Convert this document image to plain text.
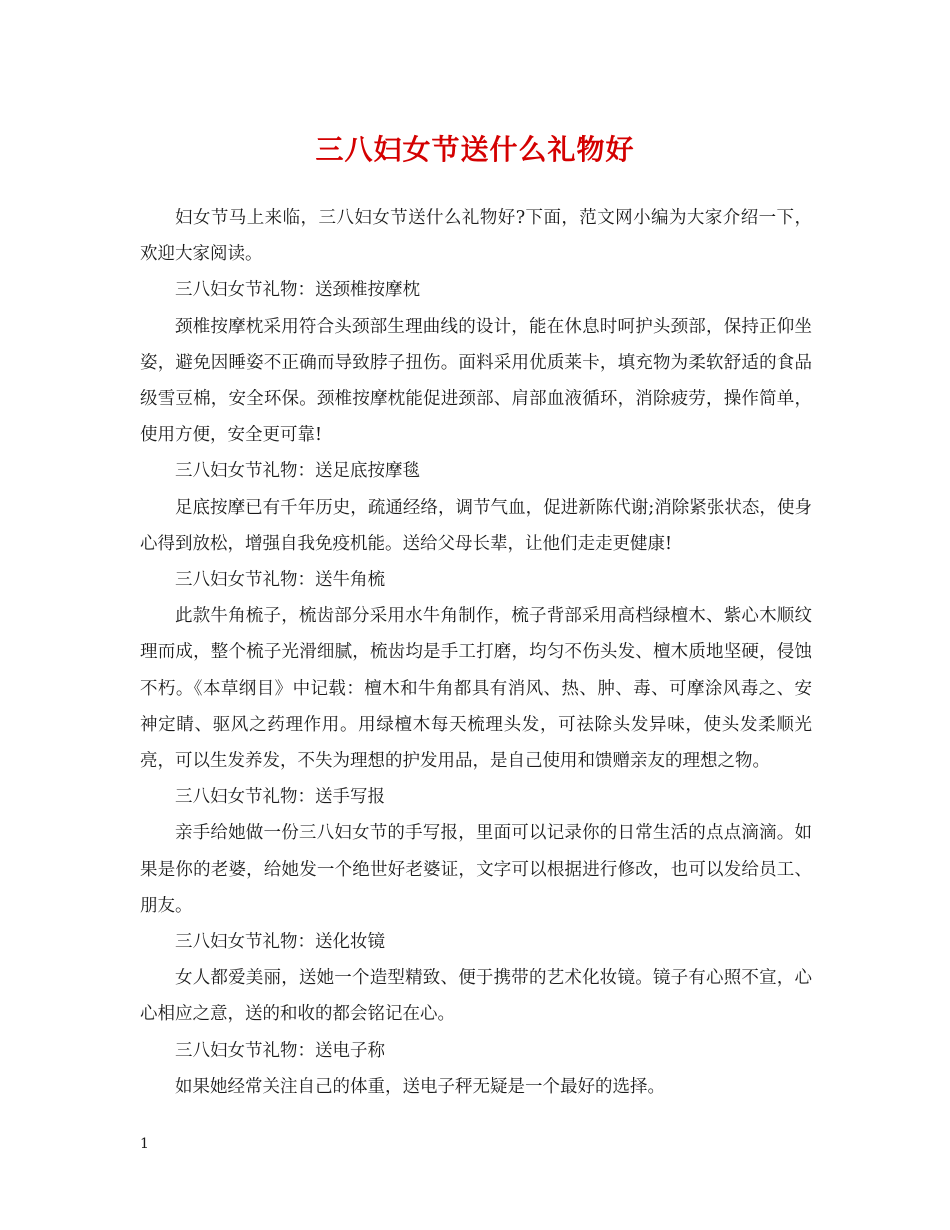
三八妇女节送什么礼物好

妇女节马上来临，三八妇女节送什么礼物好?下面，范文网小编为大家介绍一下，欢迎大家阅读。

三八妇女节礼物：送颈椎按摩枕

颈椎按摩枕采用符合头颈部生理曲线的设计，能在休息时呵护头颈部，保持正仰坐姿，避免因睡姿不正确而导致脖子扭伤。面料采用优质莱卡，填充物为柔软舒适的食品级雪豆棉，安全环保。颈椎按摩枕能促进颈部、肩部血液循环，消除疲劳，操作简单，使用方便，安全更可靠!

三八妇女节礼物：送足底按摩毯

足底按摩已有千年历史，疏通经络，调节气血，促进新陈代谢;消除紧张状态，使身心得到放松，增强自我免疫机能。送给父母长辈，让他们走走更健康!

三八妇女节礼物：送牛角梳

此款牛角梳子，梳齿部分采用水牛角制作，梳子背部采用高档绿檀木、紫心木顺纹理而成，整个梳子光滑细腻，梳齿均是手工打磨，均匀不伤头发、檀木质地坚硬，侵蚀不朽。《本草纲目》中记载：檀木和牛角都具有消风、热、肿、毒、可摩涂风毒之、安神定睛、驱风之药理作用。用绿檀木每天梳理头发，可祛除头发异味，使头发柔顺光亮，可以生发养发，不失为理想的护发用品，是自己使用和馈赠亲友的理想之物。

三八妇女节礼物：送手写报

亲手给她做一份三八妇女节的手写报，里面可以记录你的日常生活的点点滴滴。如果是你的老婆，给她发一个绝世好老婆证，文字可以根据进行修改，也可以发给员工、朋友。

三八妇女节礼物：送化妆镜

女人都爱美丽，送她一个造型精致、便于携带的艺术化妆镜。镜子有心照不宣，心心相应之意，送的和收的都会铭记在心。

三八妇女节礼物：送电子称

如果她经常关注自己的体重，送电子秤无疑是一个最好的选择。

1
